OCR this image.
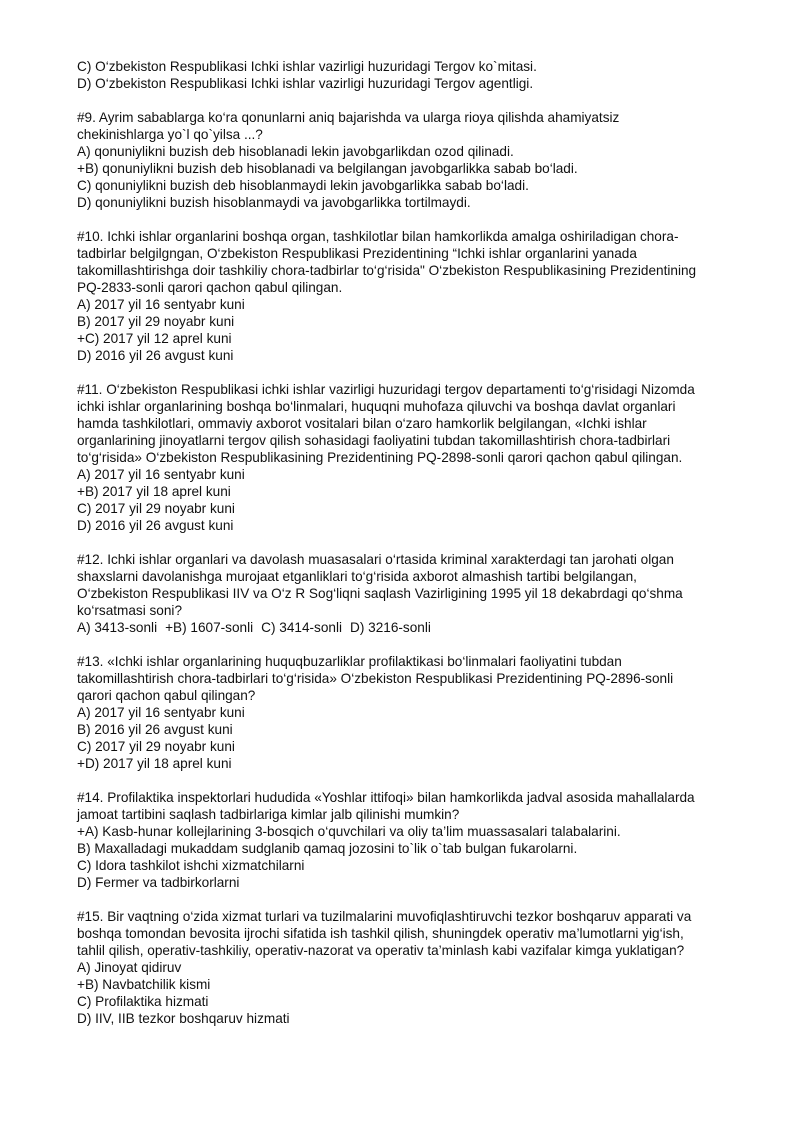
C) O‘zbekiston Respublikasi Ichki ishlar vazirligi huzuridagi Tergov ko`mitasi.

D) O‘zbekiston Respublikasi Ichki ishlar vazirligi huzuridagi Tergov agentligi.

#9. Ayrim sabablarga ko‘ra qonunlarni aniq bajarishda va ularga rioya qilishda ahamiyatsiz

chekinishlarga yo`l qo`yilsa ...?

A) qonuniylikni buzish deb hisoblanadi lekin javobgarlikdan ozod qilinadi.

+B) qonuniylikni buzish deb hisoblanadi va belgilangan javobgarlikka sabab bo‘ladi.

C) qonuniylikni buzish deb hisoblanmaydi lekin javobgarlikka sabab bo‘ladi.

D) qonuniylikni buzish hisoblanmaydi va javobgarlikka tortilmaydi.

#10. Ichki ishlar organlarini boshqa organ, tashkilotlar bilan hamkorlikda amalga oshiriladigan chora-

tadbirlar belgilgngan, O‘zbekiston Respublikasi Prezidentining “Ichki ishlar organlarini yanada

takomillashtirishga doir tashkiliy chora-tadbirlar to‘g‘risida" O‘zbekiston Respublikasining Prezidentining

PQ-2833-sonli qarori qachon qabul qilingan.

A) 2017 yil 16 sentyabr kuni

B) 2017 yil 29 noyabr kuni

+C) 2017 yil 12 aprel kuni

D) 2016 yil 26 avgust kuni

#11. O‘zbekiston Respublikasi ichki ishlar vazirligi huzuridagi tergov departamenti to‘g‘risidagi Nizomda

ichki ishlar organlarining boshqa bo‘linmalari, huquqni muhofaza qiluvchi va boshqa davlat organlari

hamda tashkilotlari, ommaviy axborot vositalari bilan o‘zaro hamkorlik belgilangan, «Ichki ishlar

organlarining jinoyatlarni tergov qilish sohasidagi faoliyatini tubdan takomillashtirish chora-tadbirlari

to‘g‘risida» O‘zbekiston Respublikasining Prezidentining PQ-2898-sonli qarori qachon qabul qilingan.

A) 2017 yil 16 sentyabr kuni

+B) 2017 yil 18 aprel kuni

C) 2017 yil 29 noyabr kuni

D) 2016 yil 26 avgust kuni

#12. Ichki ishlar organlari va davolash muasasalari o‘rtasida kriminal xarakterdagi tan jarohati olgan

shaxslarni davolanishga murojaat etganliklari to‘g‘risida axborot almashish tartibi belgilangan,

O‘zbekiston Respublikasi IIV va O‘z R Sog‘liqni saqlash Vazirligining 1995 yil 18 dekabrdagi qo‘shma

ko‘rsatmasi soni?

A) 3413-sonli +B) 1607-sonli C) 3414-sonli D) 3216-sonli

#13. «Ichki ishlar organlarining huquqbuzarliklar profilaktikasi bo‘linmalari faoliyatini tubdan

takomillashtirish chora-tadbirlari to‘g‘risida» O‘zbekiston Respublikasi Prezidentining PQ-2896-sonli

qarori qachon qabul qilingan?

A) 2017 yil 16 sentyabr kuni

B) 2016 yil 26 avgust kuni

C) 2017 yil 29 noyabr kuni

+D) 2017 yil 18 aprel kuni

#14. Profilaktika inspektorlari hududida «Yoshlar ittifoqi» bilan hamkorlikda jadval asosida mahallalarda

jamoat tartibini saqlash tadbirlariga kimlar jalb qilinishi mumkin?

+A) Kasb-hunar kollejlarining 3-bosqich o‘quvchilari va oliy ta’lim muassasalari talabalarini.

B) Maxalladagi mukaddam sudglanib qamaq jozosini to`lik o`tab bulgan fukarolarni.

C) Idora tashkilot ishchi xizmatchilarni

D) Fermer va tadbirkorlarni

#15. Bir vaqtning o‘zida xizmat turlari va tuzilmalarini muvofiqlashtiruvchi tezkor boshqaruv apparati va

boshqa tomondan bevosita ijrochi sifatida ish tashkil qilish, shuningdek operativ ma’lumotlarni yig‘ish,

tahlil qilish, operativ-tashkiliy, operativ-nazorat va operativ ta’minlash kabi vazifalar kimga yuklatigan?

A) Jinoyat qidiruv

+B) Navbatchilik kismi

C) Profilaktika hizmati

D) IIV, IIB tezkor boshqaruv hizmati
